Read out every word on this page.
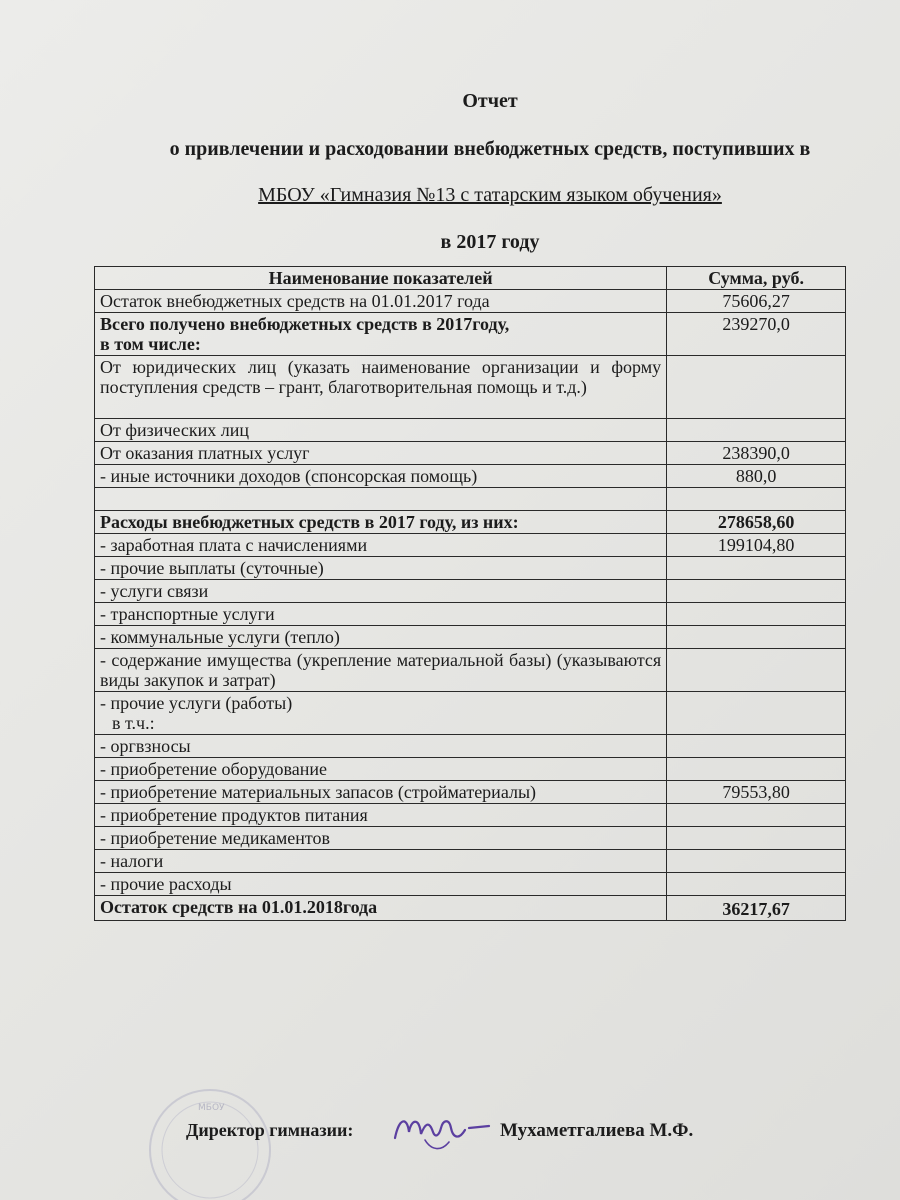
Отчет
о привлечении и расходовании внебюджетных средств, поступивших в
МБОУ «Гимназия №13 с татарским языком обучения»
в 2017 году
Наименование показателей	Сумма, руб.
Остаток внебюджетных средств на 01.01.2017 года	75606,27

Всего получено внебюджетных средств в 2017году,
в том числе:	239270,0
От юридических лиц (указать наименование организации и форму поступления средств – грант, благотворительная помощь и т.д.)	
От физических лиц	
От оказания платных услуг	238390,0
- иные источники доходов (спонсорская помощь)	880,0

Расходы внебюджетных средств в 2017 году, из них:	278658,60
- заработная плата с начислениями	199104,80
- прочие выплаты (суточные)	
- услуги связи	
- транспортные услуги	
- коммунальные услуги (тепло)	
- содержание имущества (укрепление материальной базы) (указываются виды закупок и затрат)	

- прочие услуги (работы)
в т.ч.:	

- оргвзносы	
- приобретение оборудование	
- приобретение материальных запасов (стройматериалы)	79553,80
- приобретение продуктов питания	
- приобретение медикаментов	
- налоги	
- прочие расходы	
Остаток средств на 01.01.2018года	36217,67
МБОУ
Директор гимназии:	Мухаметгалиева М.Ф.
